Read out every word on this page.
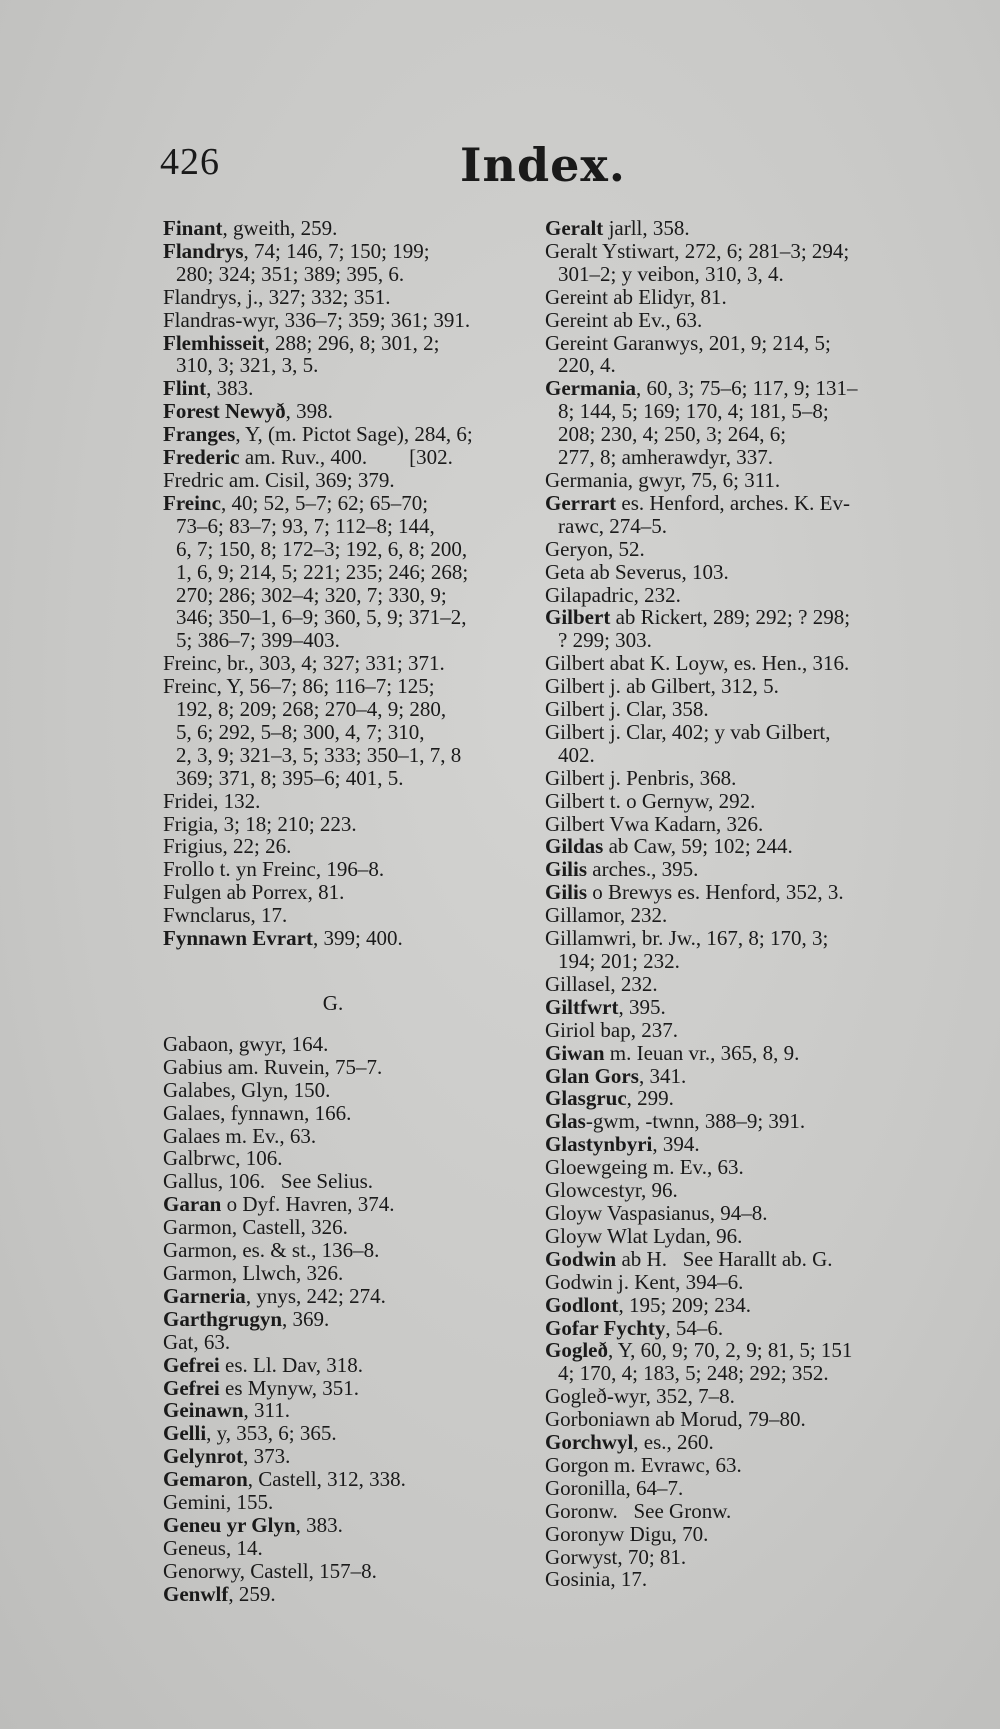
426	Index.
Finant, gweith, 259.
Flandrys, 74; 146, 7; 150; 199;
280; 324; 351; 389; 395, 6.
Flandrys, j., 327; 332; 351.
Flandras-wyr, 336–7; 359; 361; 391.
Flemhisseit, 288; 296, 8; 301, 2;
310, 3; 321, 3, 5.
Flint, 383.
Forest Newyð, 398.
Franges, Y, (m. Pictot Sage), 284, 6;
Frederic am. Ruv., 400.        [302.
Fredric am. Cisil, 369; 379.
Freinc, 40; 52, 5–7; 62; 65–70;
73–6; 83–7; 93, 7; 112–8; 144,
6, 7; 150, 8; 172–3; 192, 6, 8; 200,
1, 6, 9; 214, 5; 221; 235; 246; 268;
270; 286; 302–4; 320, 7; 330, 9;
346; 350–1, 6–9; 360, 5, 9; 371–2,
5; 386–7; 399–403.
Freinc, br., 303, 4; 327; 331; 371.
Freinc, Y, 56–7; 86; 116–7; 125;
192, 8; 209; 268; 270–4, 9; 280,
5, 6; 292, 5–8; 300, 4, 7; 310,
2, 3, 9; 321–3, 5; 333; 350–1, 7, 8
369; 371, 8; 395–6; 401, 5.
Fridei, 132.
Frigia, 3; 18; 210; 223.
Frigius, 22; 26.
Frollo t. yn Freinc, 196–8.
Fulgen ab Porrex, 81.
Fwnclarus, 17.
Fynnawn Evrart, 399; 400.
G.
Gabaon, gwyr, 164.
Gabius am. Ruvein, 75–7.
Galabes, Glyn, 150.
Galaes, fynnawn, 166.
Galaes m. Ev., 63.
Galbrwc, 106.
Gallus, 106.   See Selius.
Garan o Dyf. Havren, 374.
Garmon, Castell, 326.
Garmon, es. & st., 136–8.
Garmon, Llwch, 326.
Garneria, ynys, 242; 274.
Garthgrugyn, 369.
Gat, 63.
Gefrei es. Ll. Dav, 318.
Gefrei es Mynyw, 351.
Geinawn, 311.
Gelli, y, 353, 6; 365.
Gelynrot, 373.
Gemaron, Castell, 312, 338.
Gemini, 155.
Geneu yr Glyn, 383.
Geneus, 14.
Genorwy, Castell, 157–8.
Genwlf, 259.
Geralt jarll, 358.
Geralt Ystiwart, 272, 6; 281–3; 294;
301–2; y veibon, 310, 3, 4.
Gereint ab Elidyr, 81.
Gereint ab Ev., 63.
Gereint Garanwys, 201, 9; 214, 5;
220, 4.
Germania, 60, 3; 75–6; 117, 9; 131–
8; 144, 5; 169; 170, 4; 181, 5–8;
208; 230, 4; 250, 3; 264, 6;
277, 8; amherawdyr, 337.
Germania, gwyr, 75, 6; 311.
Gerrart es. Henford, arches. K. Ev-
rawc, 274–5.
Geryon, 52.
Geta ab Severus, 103.
Gilapadric, 232.
Gilbert ab Rickert, 289; 292; ? 298;
? 299; 303.
Gilbert abat K. Loyw, es. Hen., 316.
Gilbert j. ab Gilbert, 312, 5.
Gilbert j. Clar, 358.
Gilbert j. Clar, 402; y vab Gilbert,
402.
Gilbert j. Penbris, 368.
Gilbert t. o Gernyw, 292.
Gilbert Vwa Kadarn, 326.
Gildas ab Caw, 59; 102; 244.
Gilis arches., 395.
Gilis o Brewys es. Henford, 352, 3.
Gillamor, 232.
Gillamwri, br. Jw., 167, 8; 170, 3;
194; 201; 232.
Gillasel, 232.
Giltfwrt, 395.
Giriol bap, 237.
Giwan m. Ieuan vr., 365, 8, 9.
Glan Gors, 341.
Glasgruc, 299.
Glas-gwm, -twnn, 388–9; 391.
Glastynbyri, 394.
Gloewgeing m. Ev., 63.
Glowcestyr, 96.
Gloyw Vaspasianus, 94–8.
Gloyw Wlat Lydan, 96.
Godwin ab H.   See Harallt ab. G.
Godwin j. Kent, 394–6.
Godlont, 195; 209; 234.
Gofar Fychty, 54–6.
Gogleð, Y, 60, 9; 70, 2, 9; 81, 5; 151
4; 170, 4; 183, 5; 248; 292; 352.
Gogleð-wyr, 352, 7–8.
Gorboniawn ab Morud, 79–80.
Gorchwyl, es., 260.
Gorgon m. Evrawc, 63.
Goronilla, 64–7.
Goronw.   See Gronw.
Goronyw Digu, 70.
Gorwyst, 70; 81.
Gosinia, 17.
